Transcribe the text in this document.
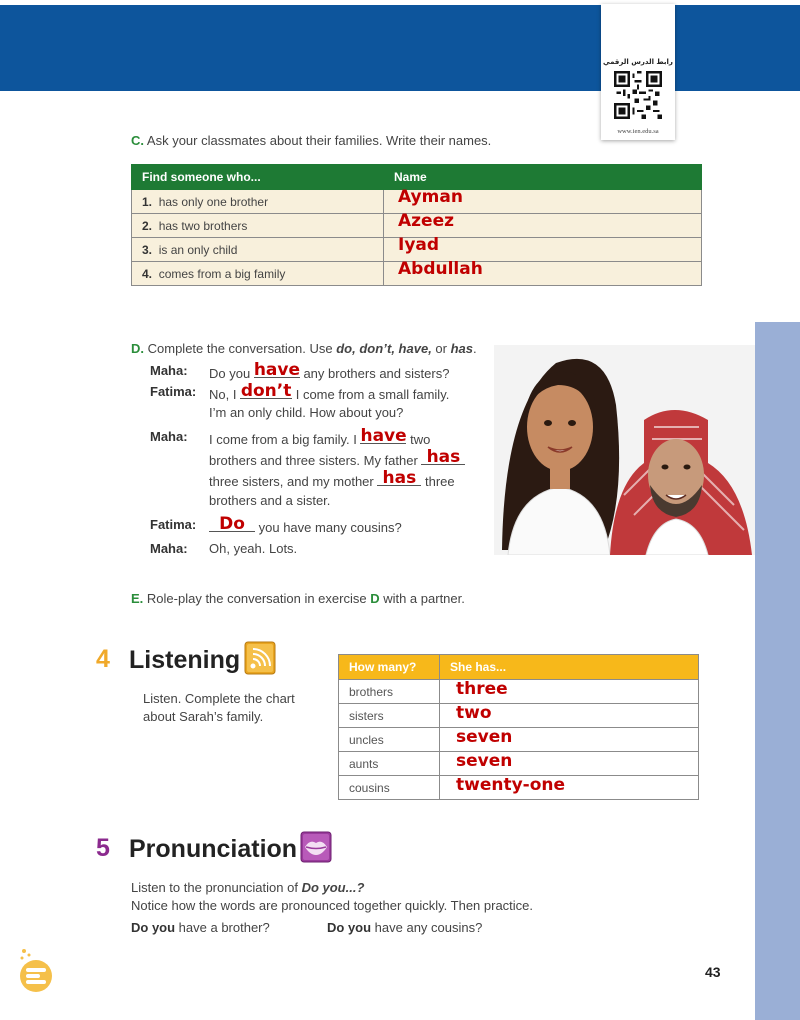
رابط الدرس الرقمي
www.ien.edu.sa
C. Ask your classmates about their families. Write their names.
Find someone who...	Name
1. has only one brother	Ayman

2. has two brothers	Azeez

3. is an only child	Iyad

4. comes from a big family	Abdullah
D. Complete the conversation. Use do, don’t, have, or has.
Maha: Do you have any brothers and sisters?
Fatima: No, I don’t I come from a small family.
I’m an only child. How about you?
Maha: I come from a big family. I have two
brothers and three sisters. My father has
three sisters, and my mother has three
brothers and a sister.
Fatima:	Do	you have many cousins?
Maha: Oh, yeah. Lots.
E. Role-play the conversation in exercise D with a partner.
4 Listening
Listen. Complete the chart
about Sarah’s family.
How many?	She has...
brothers	three

sisters	two

uncles	seven

aunts	seven

cousins	twenty-one
5 Pronunciation
Listen to the pronunciation of Do you...?
Notice how the words are pronounced together quickly. Then practice.
Do you have a brother?	Do you have any cousins?
43
